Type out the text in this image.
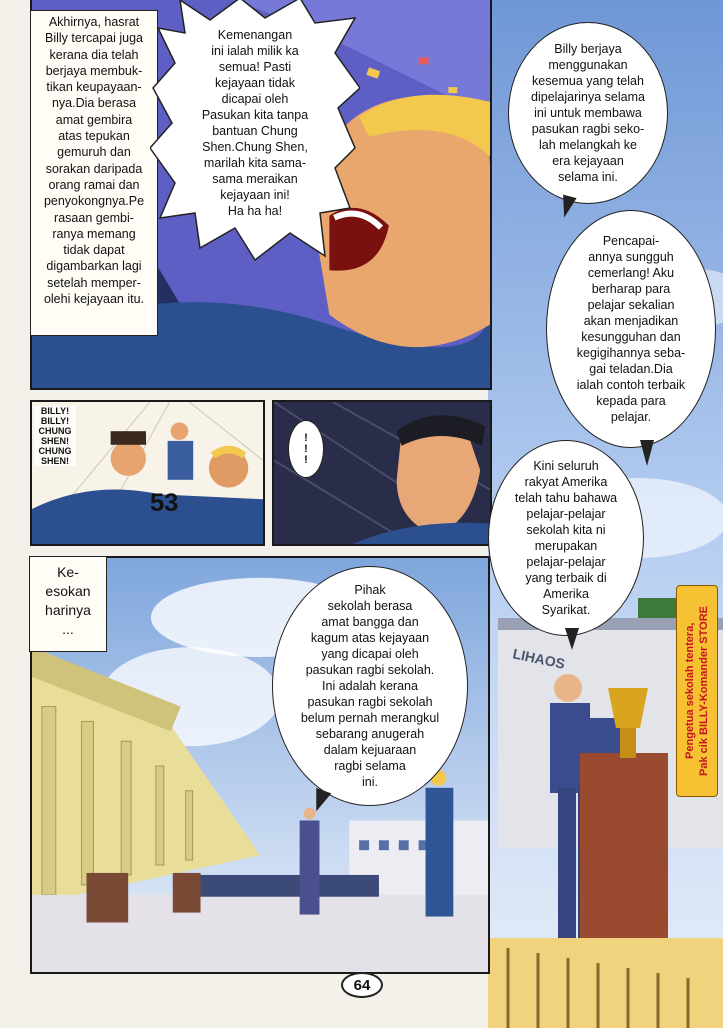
LIHAOS
Akhirnya, hasrat
Billy tercapai juga
kerana dia telah
berjaya membuk-
tikan keupayaan-
nya.Dia berasa
amat gembira
atas tepukan
gemuruh dan
sorakan daripada
orang ramai dan
penyokongnya.Pe
rasaan gembi-
ranya memang
tidak dapat
digambarkan lagi
setelah memper-
olehi kejayaan itu.
Kemenangan
ini ialah milik ka
semua! Pasti
kejayaan tidak
dicapai oleh
Pasukan kita tanpa
bantuan Chung
Shen.Chung Shen,
marilah kita sama-
sama meraikan
kejayaan ini!
Ha ha ha!
53
BILLY!
BILLY!
CHUNG
SHEN!
CHUNG
SHEN!
!
!
!
Ke-
esokan
harinya
...
Pihak
sekolah berasa
amat bangga dan
kagum atas kejayaan
yang dicapai oleh
pasukan ragbi sekolah.
Ini adalah kerana
pasukan ragbi sekolah
belum pernah merangkul
sebarang anugerah
dalam kejuaraan
ragbi selama
ini.
Billy berjaya
menggunakan
kesemua yang telah
dipelajarinya selama
ini untuk membawa
pasukan ragbi seko-
lah melangkah ke
era kejayaan
selama ini.
Pencapai-
annya sungguh
cemerlang! Aku
berharap para
pelajar sekalian
akan menjadikan
kesungguhan dan
kegigihannya seba-
gai teladan.Dia
ialah contoh terbaik
kepada para
pelajar.
Kini seluruh
rakyat Amerika
telah tahu bahawa
pelajar-pelajar
sekolah kita ni
merupakan
pelajar-pelajar
yang terbaik di
Amerika
Syarikat.
Pengetua sekolah tentera,
Pak cik BILLY-Komander STORE
64
